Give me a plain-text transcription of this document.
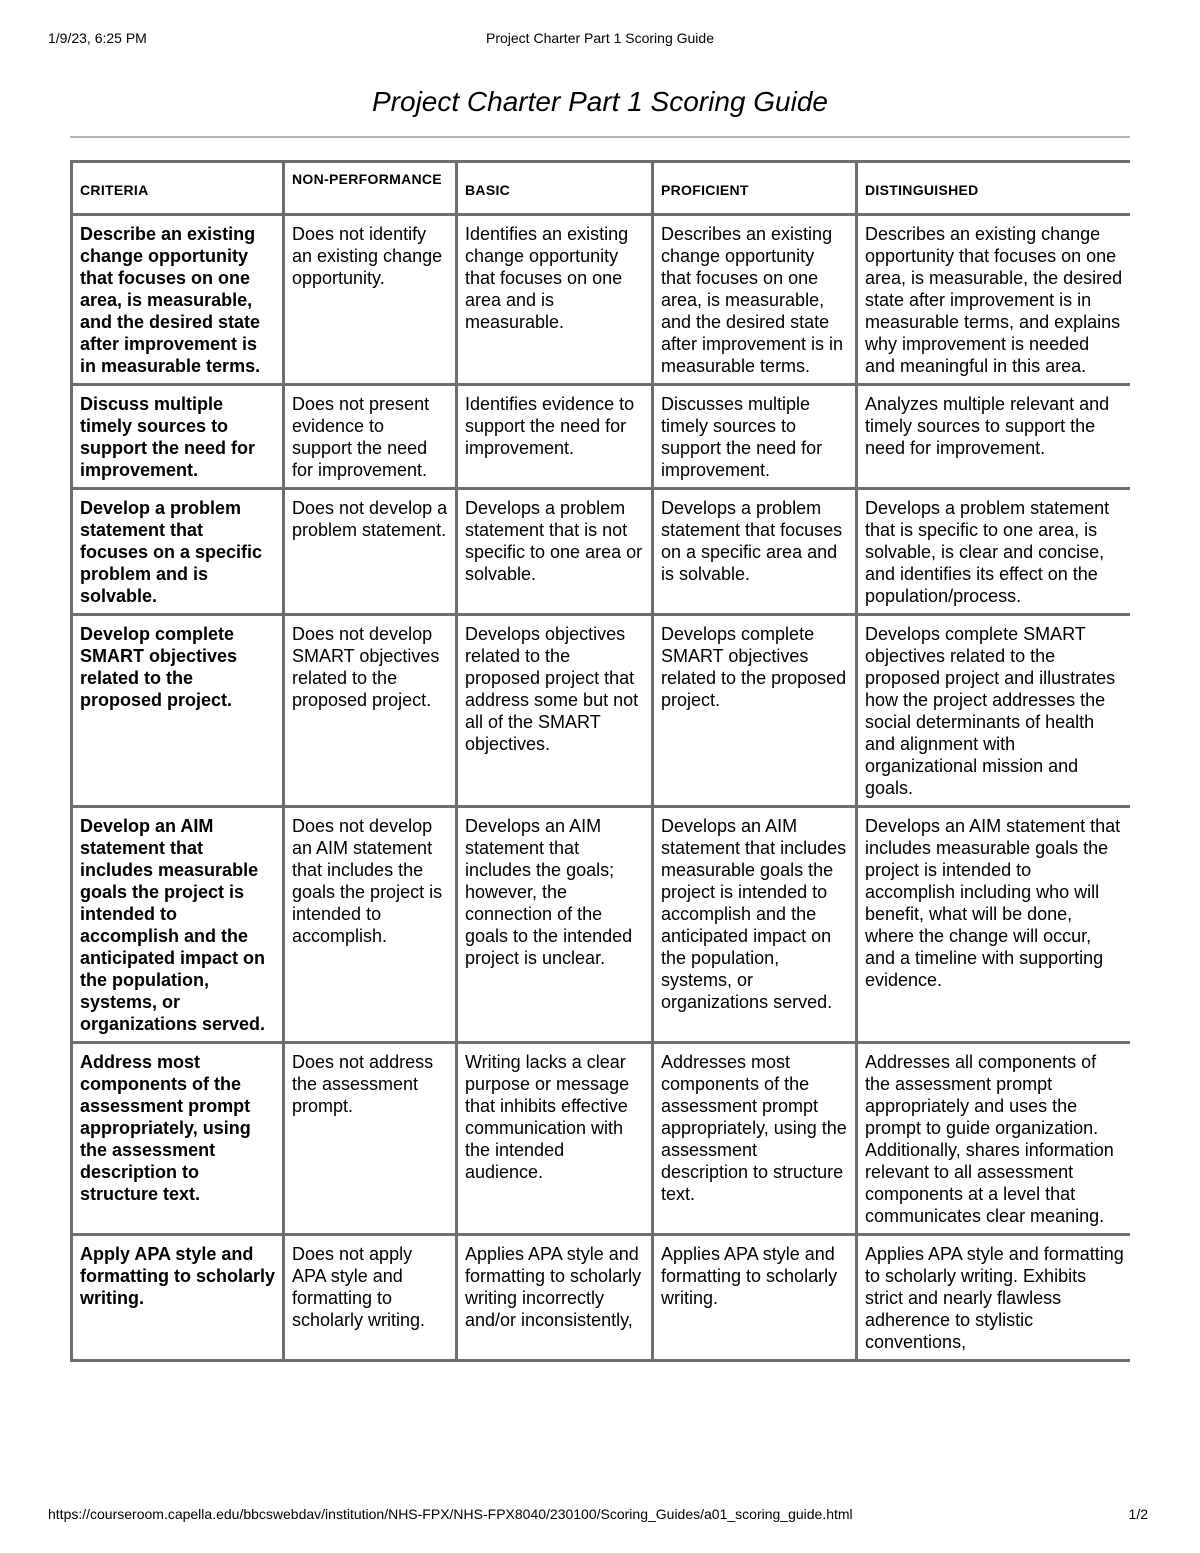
1/9/23, 6:25 PM	Project Charter Part 1 Scoring Guide
Project Charter Part 1 Scoring Guide
CRITERIA	NON-PERFORMANCE	BASIC	PROFICIENT	DISTINGUISHED
Describe an existing change opportunity that focuses on one area, is measurable, and the desired state after improvement is in measurable terms.	Does not identify an existing change opportunity.	Identifies an existing change opportunity that focuses on one area and is measurable.	Describes an existing change opportunity that focuses on one area, is measurable, and the desired state after improvement is in measurable terms.	Describes an existing change opportunity that focuses on one area, is measurable, the desired state after improvement is in measurable terms, and explains why improvement is needed and meaningful in this area.
Discuss multiple timely sources to support the need for improvement.	Does not present evidence to support the need for improvement.	Identifies evidence to support the need for improvement.	Discusses multiple timely sources to support the need for improvement.	Analyzes multiple relevant and timely sources to support the need for improvement.
Develop a problem statement that focuses on a specific problem and is solvable.	Does not develop a problem statement.	Develops a problem statement that is not specific to one area or solvable.	Develops a problem statement that focuses on a specific area and is solvable.	Develops a problem statement that is specific to one area, is solvable, is clear and concise, and identifies its effect on the population/process.
Develop complete SMART objectives related to the proposed project.	Does not develop SMART objectives related to the proposed project.	Develops objectives related to the proposed project that address some but not all of the SMART objectives.	Develops complete SMART objectives related to the proposed project.	Develops complete SMART objectives related to the proposed project and illustrates how the project addresses the social determinants of health and alignment with organizational mission and goals.
Develop an AIM statement that includes measurable goals the project is intended to accomplish and the anticipated impact on the population, systems, or organizations served.	Does not develop an AIM statement that includes the goals the project is intended to accomplish.	Develops an AIM statement that includes the goals; however, the connection of the goals to the intended project is unclear.	Develops an AIM statement that includes measurable goals the project is intended to accomplish and the anticipated impact on the population, systems, or organizations served.	Develops an AIM statement that includes measurable goals the project is intended to accomplish including who will benefit, what will be done, where the change will occur, and a timeline with supporting evidence.
Address most components of the assessment prompt appropriately, using the assessment description to structure text.	Does not address the assessment prompt.	Writing lacks a clear purpose or message that inhibits effective communication with the intended audience.	Addresses most components of the assessment prompt appropriately, using the assessment description to structure text.	Addresses all components of the assessment prompt appropriately and uses the prompt to guide organization. Additionally, shares information relevant to all assessment components at a level that communicates clear meaning.
Apply APA style and formatting to scholarly writing.	Does not apply APA style and formatting to scholarly writing.	Applies APA style and formatting to scholarly writing incorrectly and/or inconsistently,	Applies APA style and formatting to scholarly writing.	Applies APA style and formatting to scholarly writing. Exhibits strict and nearly flawless adherence to stylistic conventions,
https://courseroom.capella.edu/bbcswebdav/institution/NHS-FPX/NHS-FPX8040/230100/Scoring_Guides/a01_scoring_guide.html	1/2
